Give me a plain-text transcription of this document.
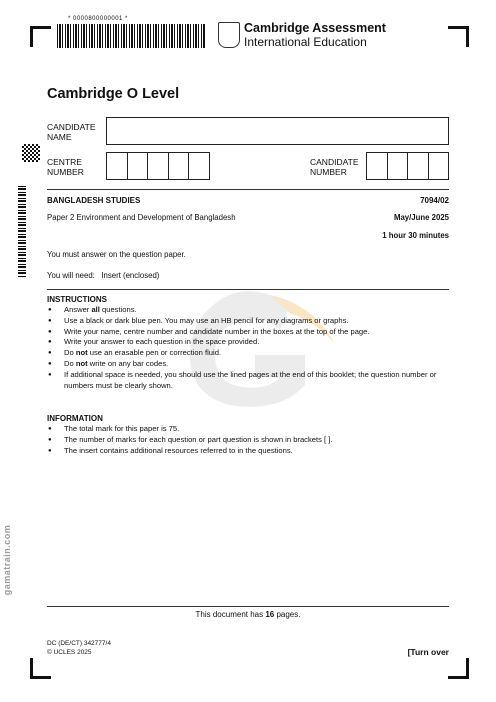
* 0000800000001 *
Cambridge Assessment
International Education
Cambridge O Level
CANDIDATE
NAME
CENTRE
NUMBER
CANDIDATE
NUMBER
BANGLADESH STUDIES	7094/02
Paper 2 Environment and Development of Bangladesh	May/June 2025
1 hour 30 minutes
You must answer on the question paper.
You will need: Insert (enclosed)
INSTRUCTIONS
● Answer all questions.
● Use a black or dark blue pen. You may use an HB pencil for any diagrams or graphs.
● Write your name, centre number and candidate number in the boxes at the top of the page.
● Write your answer to each question in the space provided.
● Do not use an erasable pen or correction fluid.
● Do not write on any bar codes.
● If additional space is needed, you should use the lined pages at the end of this booklet; the question number or numbers must be clearly shown.
INFORMATION
● The total mark for this paper is 75.
● The number of marks for each question or part question is shown in brackets [ ].
● The insert contains additional resources referred to in the questions.
gamatrain.com
This document has 16 pages.
DC (DE/CT) 342777/4
© UCLES 2025	[Turn over
